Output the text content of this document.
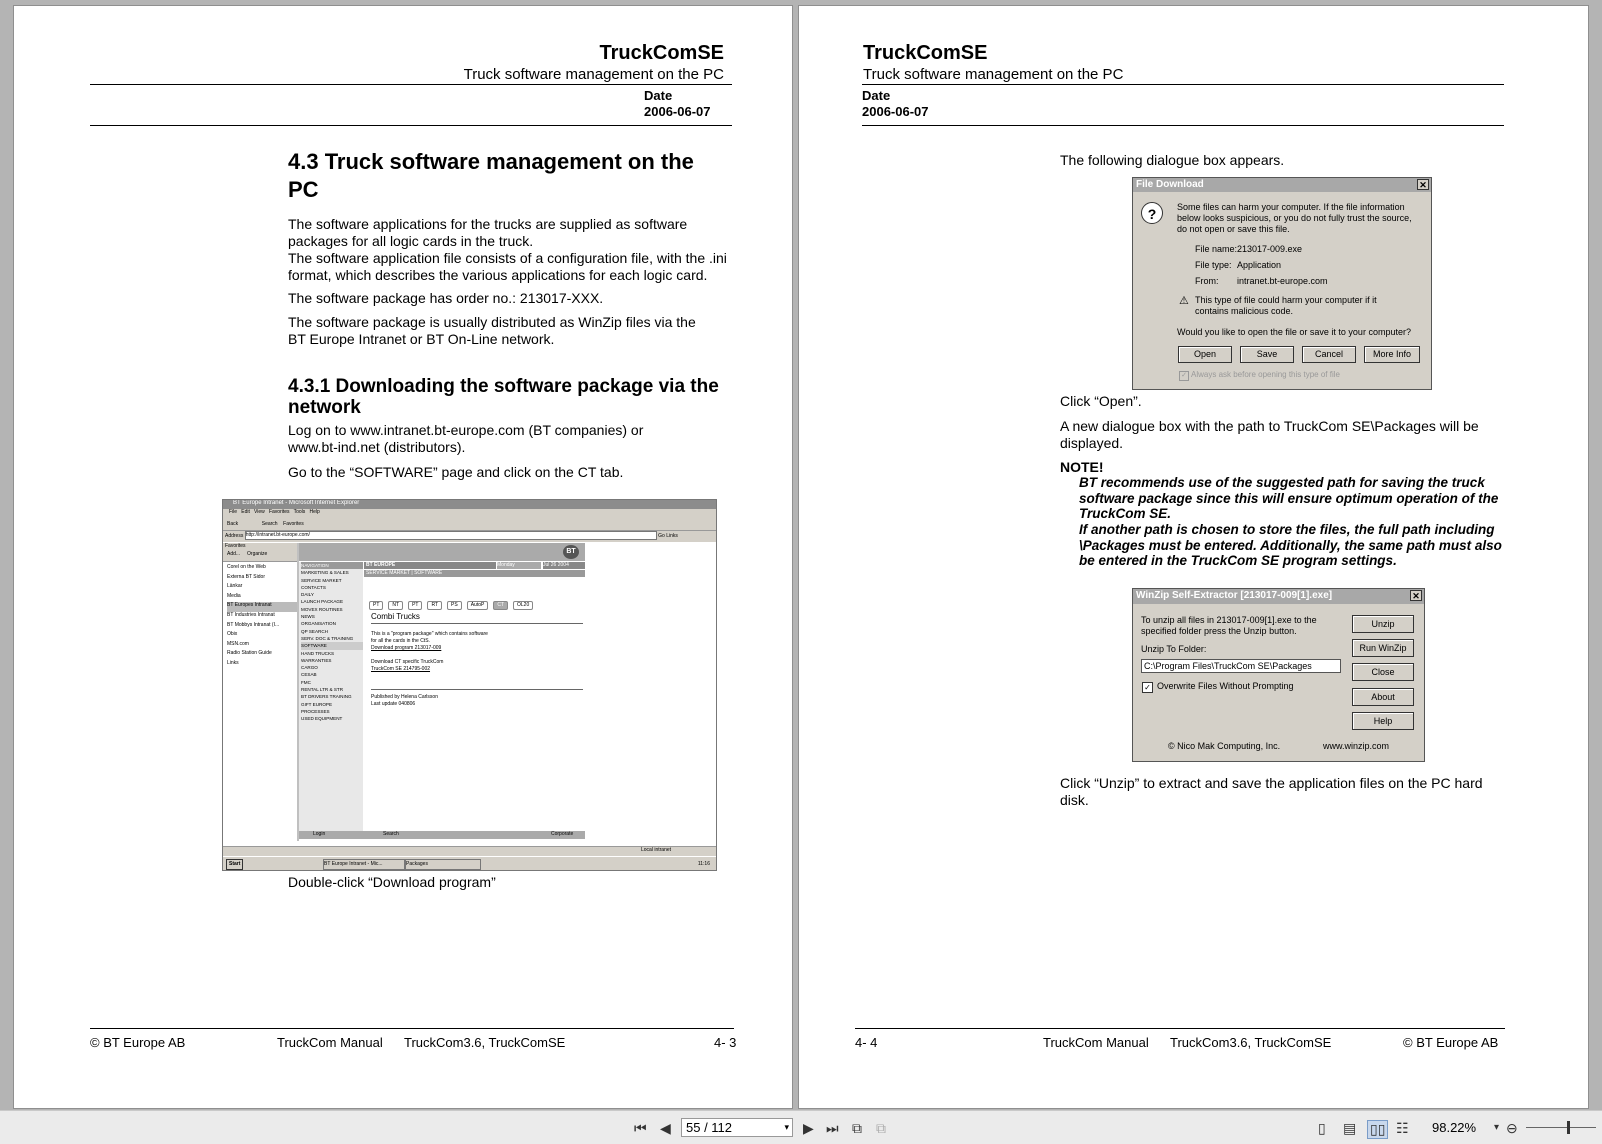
TruckComSE
Truck software management on the PC
Date
2006-06-07
4.3 Truck software management on the PC
The software applications for the trucks are supplied as software packages for all logic cards in the truck.
The software application file consists of a configuration file, with the .ini format, which describes the various applications for each logic card.
The software package has order no.: 213017-XXX.
The software package is usually distributed as WinZip files via the BT Europe Intranet or BT On-Line network.
4.3.1 Downloading the software package via the network
Log on to www.intranet.bt-europe.com (BT companies) or www.bt-ind.net (distributors).
Go to the “SOFTWARE” page and click on the CT tab.
BT Europe Intranet - Microsoft Internet Explorer
File Edit View Favorites Tools Help
Back	Search Favorites
Address http://intranet.bt-europe.com/	Go Links
Favorites
Add... Organize
Corel on the Web
Externa BT Sidor
Länkar
Media
BT Europes Intranat
BT Industries Intranat
BT Mobbys Intranat (I...
Obix
MSN.com
Radio Station Guide
Links
BT
NAVIGATION
MARKETING & SALES
SERVICE MARKET
CONTACTS
DAILY
LAUNCH PACKAGE
MOVEX ROUTINES
NEWS
ORGANISATION
QP SEARCH
SERV. DOC & TRAINING
SOFTWARE
HAND TRUCKS
WARRANTIES
CARGO
CESAB
FMC
RENTAL LTR & STR
BT DRIVERS TRAINING
GIFT EUROPE
PROCESSES
USED EQUIPMENT
BT EUROPE	Monday	Jul 26 2004
SERVICE MARKET | SOFTWARE
PT	NT	PT	RT	PS	AutoP	CT	OL20
Combi Trucks
This is a "program package" which contains software for all the cards in the CtS.
Download program 213017-009
Download CT specific TruckCom
TruckCom SE 214795-002
Published by Helena Carlsson
Last update 040806
Login	Search	Corporate
Local intranet
Start	BT Europe Intranet - Mic...	Packages	11:16
Double-click “Download program”
© BT Europe AB	TruckCom Manual TruckCom3.6, TruckComSE	4- 3
TruckComSE
Truck software management on the PC
Date
2006-06-07
The following dialogue box appears.
File Download	✕
?	Some files can harm your computer. If the file information below looks suspicious, or you do not fully trust the source, do not open or save this file.
File name: 213017-009.exe
File type: Application
From: intranet.bt-europe.com
⚠ This type of file could harm your computer if it contains malicious code.
Would you like to open the file or save it to your computer?
Open	Save	Cancel	More Info
✓ Always ask before opening this type of file
Click “Open”.
A new dialogue box with the path to TruckCom SE\Packages will be displayed.
NOTE!
BT recommends use of the suggested path for saving the truck software package since this will ensure optimum operation of the TruckCom SE.
If another path is chosen to store the files, the full path including \Packages must be entered. Additionally, the same path must also be entered in the TruckCom SE program settings.
WinZip Self-Extractor [213017-009[1].exe]	✕
To unzip all files in 213017-009[1].exe to the specified folder press the Unzip button.
Unzip To Folder:
C:\Program Files\TruckCom SE\Packages
✓ Overwrite Files Without Prompting
Unzip
Run WinZip
Close
About
Help
© Nico Mak Computing, Inc.	www.winzip.com
Click “Unzip” to extract and save the application files on the PC hard disk.
4- 4	TruckCom Manual TruckCom3.6, TruckComSE	© BT Europe AB
⏮ ◀	55 / 112	▾ ▶ ⏭ ⧉ ⧉	▯ ▤ ▯▯ ☷ 98.22% ▾ ⊖
